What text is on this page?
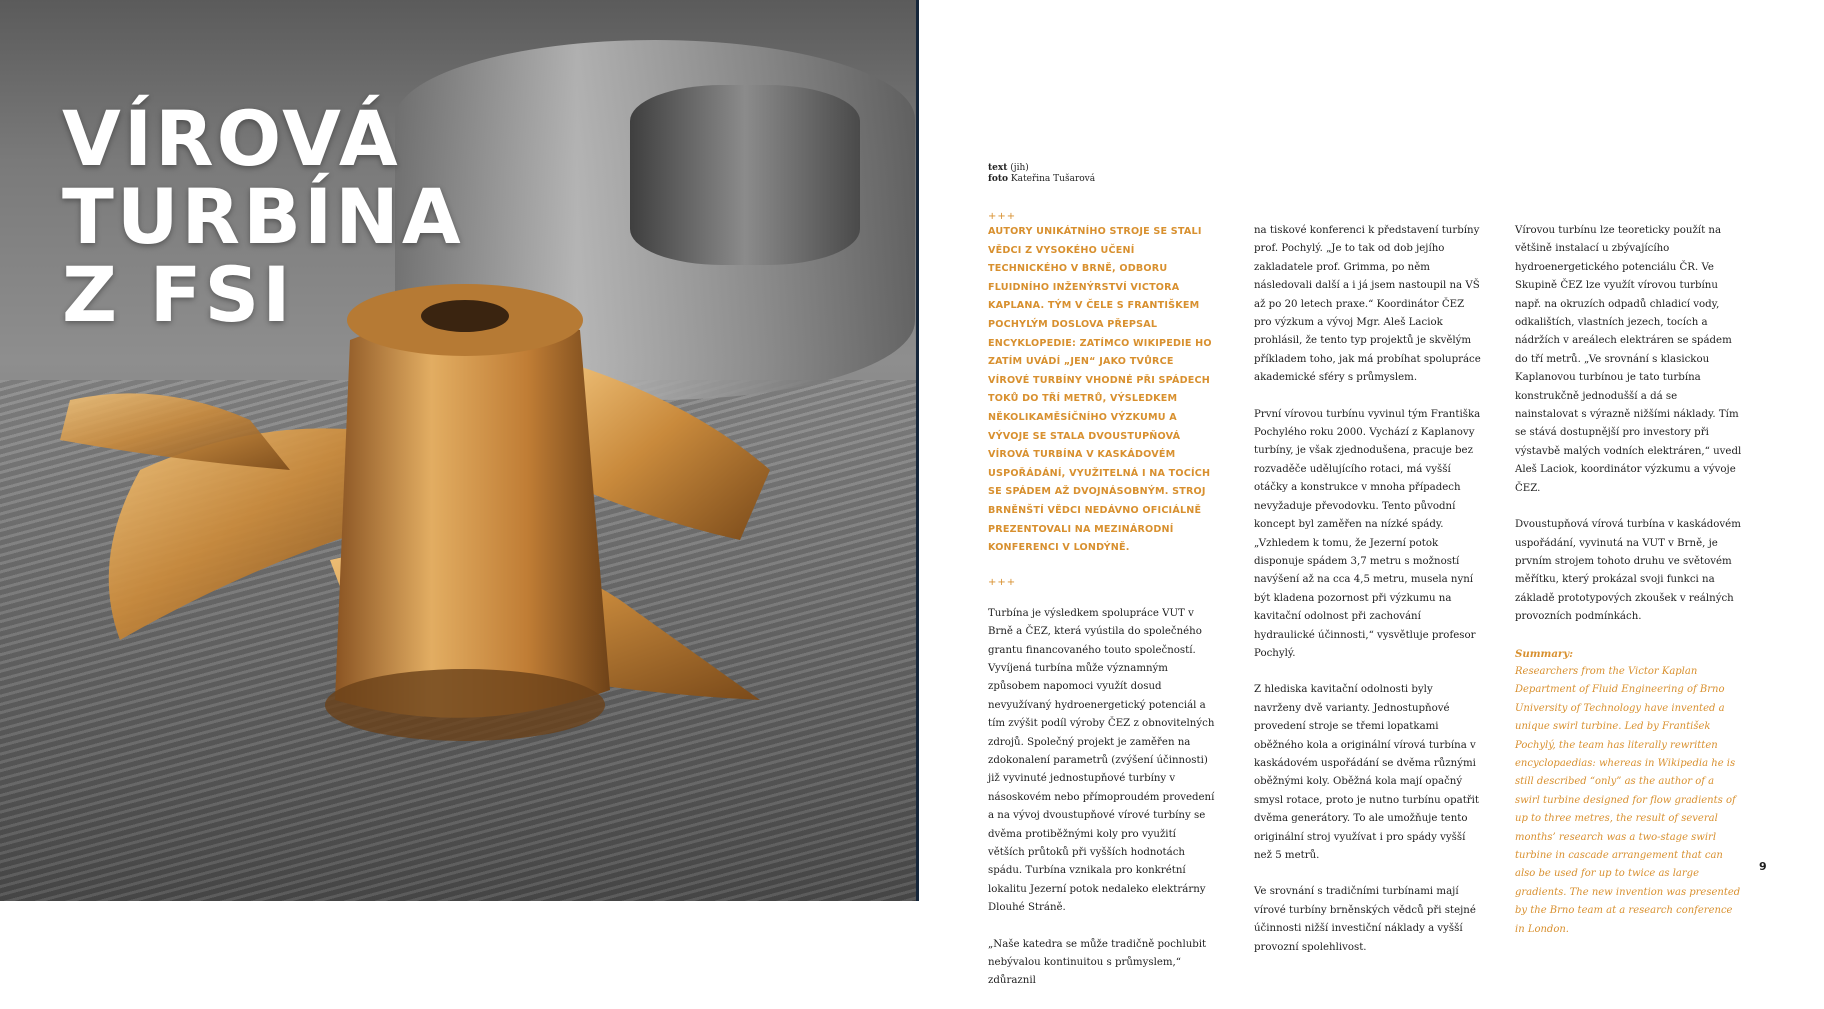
VÍROVÁ
TURBÍNA
Z FSI
text (jih)
foto Kateřina Tušarová
+++

AUTORY UNIKÁTNÍHO STROJE SE STALI VĚDCI Z VYSOKÉHO UČENÍ TECHNICKÉHO V BRNĚ, ODBORU FLUIDNÍHO INŽENÝRSTVÍ VICTORA KAPLANA. TÝM V ČELE S FRANTIŠKEM POCHYLÝM DOSLOVA PŘEPSAL ENCYKLOPEDIE: ZATÍMCO WIKIPEDIE HO ZATÍM UVÁDÍ „JEN“ JAKO TVŮRCE VÍROVÉ TURBÍNY VHODNÉ PŘI SPÁDECH TOKŮ DO TŘÍ METRŮ, VÝSLEDKEM NĚKOLIKAMĚSÍČNÍHO VÝZKUMU A VÝVOJE SE STALA DVOUSTUPŇOVÁ VÍROVÁ TURBÍNA V KASKÁDOVÉM USPOŘÁDÁNÍ, VYUŽITELNÁ I NA TOCÍCH SE SPÁDEM AŽ DVOJNÁSOBNÝM. STROJ BRNĚNŠTÍ VĚDCI NEDÁVNO OFICIÁLNĚ PREZENTOVALI NA MEZINÁRODNÍ KONFERENCI V LONDÝNĚ.

+++

Turbína je výsledkem spolupráce VUT v Brně a ČEZ, která vyústila do společného grantu financovaného touto společností. Vyvíjená turbína může významným způsobem napomoci využít dosud nevyužívaný hydroenergetický potenciál a tím zvýšit podíl výroby ČEZ z obnovitelných zdrojů. Společný projekt je zaměřen na zdokonalení parametrů (zvýšení účinnosti) již vyvinuté jednostupňové turbíny v násoskovém nebo přímoproudém provedení a na vývoj dvoustupňové vírové turbíny se dvěma protiběžnými koly pro využití větších průtoků při vyšších hodnotách spádu. Turbína vznikala pro konkrétní lokalitu Jezerní potok nedaleko elektrárny Dlouhé Stráně.

„Naše katedra se může tradičně pochlubit nebývalou kontinuitou s průmyslem,“ zdůraznil

na tiskové konferenci k představení turbíny prof. Pochylý. „Je to tak od dob jejího zakladatele prof. Grimma, po něm následovali další a i já jsem nastoupil na VŠ až po 20 letech praxe.“ Koordinátor ČEZ pro výzkum a vývoj Mgr. Aleš Laciok prohlásil, že tento typ projektů je skvělým příkladem toho, jak má probíhat spolupráce akademické sféry s průmyslem.

První vírovou turbínu vyvinul tým Františka Pochylého roku 2000. Vychází z Kaplanovy turbíny, je však zjednodušena, pracuje bez rozvaděče udělujícího rotaci, má vyšší otáčky a konstrukce v mnoha případech nevyžaduje převodovku. Tento původní koncept byl zaměřen na nízké spády. „Vzhledem k tomu, že Jezerní potok disponuje spádem 3,7 metru s možností navýšení až na cca 4,5 metru, musela nyní být kladena pozornost při výzkumu na kavitační odolnost při zachování hydraulické účinnosti,“ vysvětluje profesor Pochylý.

Z hlediska kavitační odolnosti byly navrženy dvě varianty. Jednostupňové provedení stroje se třemi lopatkami oběžného kola a originální vírová turbína v kaskádovém uspořádání se dvěma různými oběžnými koly. Oběžná kola mají opačný smysl rotace, proto je nutno turbínu opatřit dvěma generátory. To ale umožňuje tento originální stroj využívat i pro spády vyšší než 5 metrů.

Ve srovnání s tradičními turbínami mají vírové turbíny brněnských vědců při stejné účinnosti nižší investiční náklady a vyšší provozní spolehlivost.

Vírovou turbínu lze teoreticky použít na většině instalací u zbývajícího hydroenergetického potenciálu ČR. Ve Skupině ČEZ lze využít vírovou turbínu např. na okruzích odpadů chladicí vody, odkalištích, vlastních jezech, tocích a nádržích v areálech elektráren se spádem do tří metrů. „Ve srovnání s klasickou Kaplanovou turbínou je tato turbína konstrukčně jednodušší a dá se nainstalovat s výrazně nižšími náklady. Tím se stává dostupnější pro investory při výstavbě malých vodních elektráren,“ uvedl Aleš Laciok, koordinátor výzkumu a vývoje ČEZ.

Dvoustupňová vírová turbína v kaskádovém uspořádání, vyvinutá na VUT v Brně, je prvním strojem tohoto druhu ve světovém měřítku, který prokázal svoji funkci na základě prototypových zkoušek v reálných provozních podmínkách.

Summary:

Researchers from the Victor Kaplan Department of Fluid Engineering of Brno University of Technology have invented a unique swirl turbine. Led by František Pochylý, the team has literally rewritten encyclopaedias: whereas in Wikipedia he is still described “only” as the author of a swirl turbine designed for flow gradients of up to three metres, the result of several months’ research was a two-stage swirl turbine in cascade arrangement that can also be used for up to twice as large gradients. The new invention was presented by the Brno team at a research conference in London.

9
